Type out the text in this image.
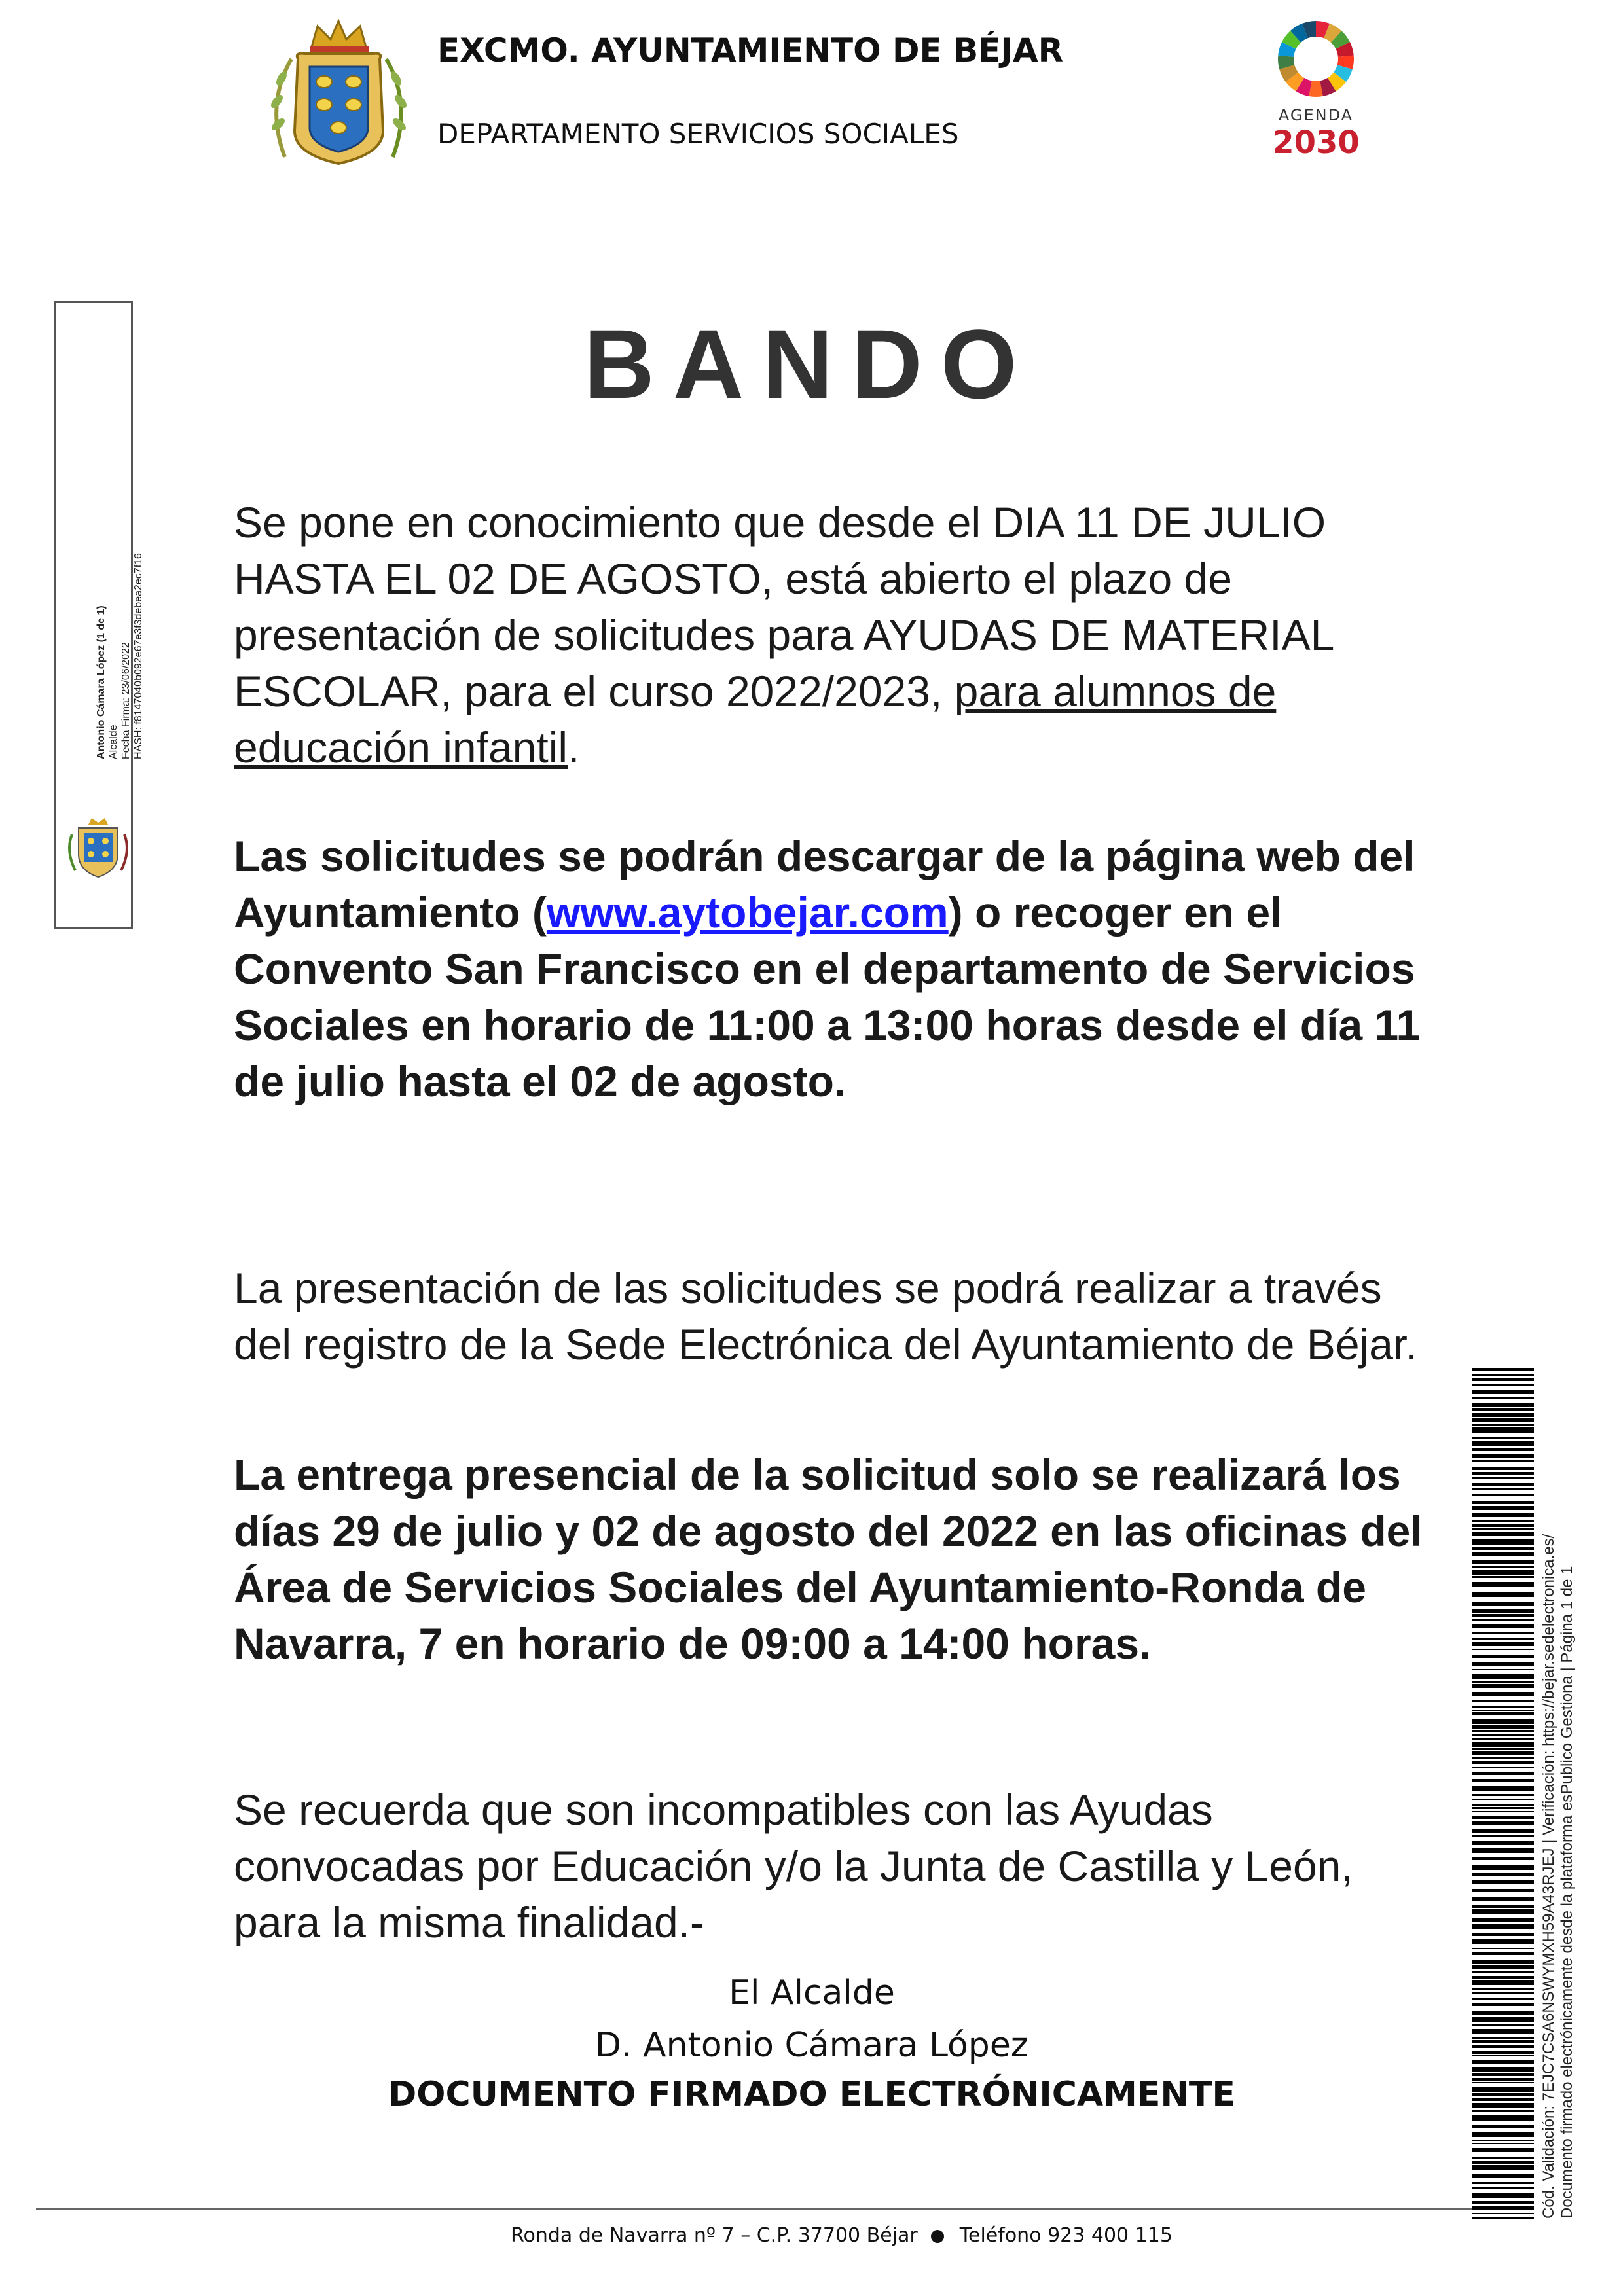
EXCMO. AYUNTAMIENTO DE BÉJAR
DEPARTAMENTO SERVICIOS SOCIALES
AGENDA
2030
Antonio Cámara López (1 de 1) Alcalde Fecha Firma: 23/06/2022 HASH: f8147040b092e67e3f3debea2ec7f16
BANDO
Se pone en conocimiento que desde el DIA 11 DE JULIO HASTA EL 02 DE AGOSTO, está abierto el plazo de presentación de solicitudes para AYUDAS DE MATERIAL ESCOLAR, para el curso 2022/2023, para alumnos de educación infantil.
Las solicitudes se podrán descargar de la página web del Ayuntamiento (www.aytobejar.com) o recoger en el Convento San Francisco en el departamento de Servicios Sociales en horario de 11:00 a 13:00 horas desde el día 11 de julio hasta el 02 de agosto.
La presentación de las solicitudes se podrá realizar a través del registro de la Sede Electrónica del Ayuntamiento de Béjar.
La entrega presencial de la solicitud solo se realizará los días 29 de julio y 02 de agosto del 2022 en las oficinas del Área de Servicios Sociales del Ayuntamiento-Ronda de Navarra, 7 en horario de 09:00 a 14:00 horas.
Se recuerda que son incompatibles con las Ayudas convocadas por Educación y/o la Junta de Castilla y León, para la misma finalidad.-
El Alcalde
D. Antonio Cámara López
DOCUMENTO FIRMADO ELECTRÓNICAMENTE
Ronda de Navarra nº 7 – C.P. 37700 Béjar Teléfono 923 400 115
Cód. Validación: 7EJC7CSA6NSWYMXH59A43RJEJ | Verificación: https://bejar.sedelectronica.es/ Documento firmado electrónicamente desde la plataforma esPublico Gestiona | Página 1 de 1
